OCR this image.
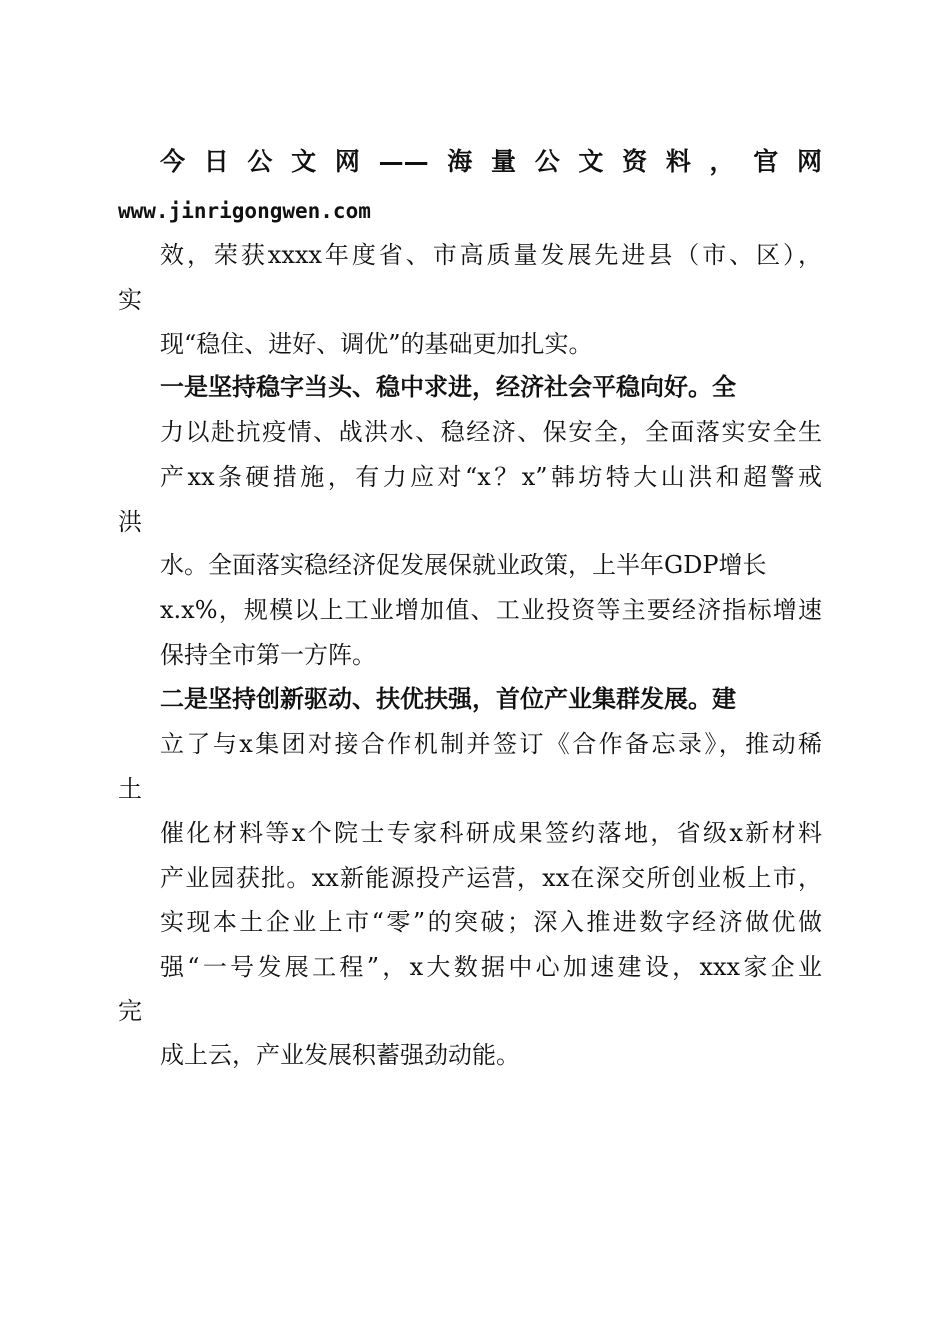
今日公文网——海量公文资料，官网
www.jinrigongwen.com
效，荣获xxxx年度省、市高质量发展先进县（市、区），
实
现“稳住、进好、调优”的基础更加扎实。
一是坚持稳字当头、稳中求进，经济社会平稳向好。全
力以赴抗疫情、战洪水、稳经济、保安全，全面落实安全生
产xx条硬措施，有力应对“x？x”韩坊特大山洪和超警戒
洪
水。全面落实稳经济促发展保就业政策，上半年GDP增长
x.x%，规模以上工业增加值、工业投资等主要经济指标增速
保持全市第一方阵。
二是坚持创新驱动、扶优扶强，首位产业集群发展。建
立了与x集团对接合作机制并签订《合作备忘录》，推动稀
土
催化材料等x个院士专家科研成果签约落地，省级x新材料
产业园获批。xx新能源投产运营，xx在深交所创业板上市，
实现本土企业上市“零”的突破；深入推进数字经济做优做
强“一号发展工程”，x大数据中心加速建设，xxx家企业
完
成上云，产业发展积蓄强劲动能。
